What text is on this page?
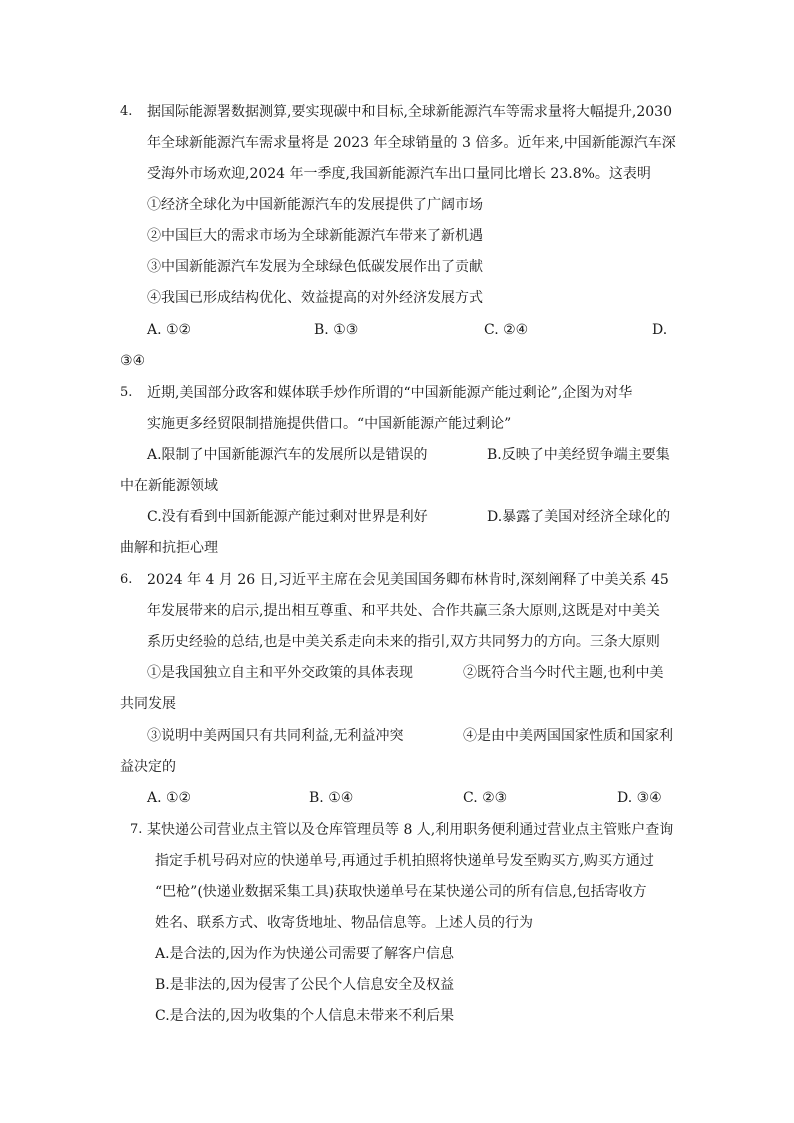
4. 据国际能源署数据测算,要实现碳中和目标,全球新能源汽车等需求量将大幅提升,2030
年全球新能源汽车需求量将是 2023 年全球销量的 3 倍多。近年来,中国新能源汽车深
受海外市场欢迎,2024 年一季度,我国新能源汽车出口量同比增长 23.8%。这表明
①经济全球化为中国新能源汽车的发展提供了广阔市场
②中国巨大的需求市场为全球新能源汽车带来了新机遇
③中国新能源汽车发展为全球绿色低碳发展作出了贡献
④我国已形成结构优化、效益提高的对外经济发展方式
A. ①②	B. ①③	C. ②④	D.
③④
5. 近期,美国部分政客和媒体联手炒作所谓的“中国新能源产能过剩论”,企图为对华
实施更多经贸限制措施提供借口。“中国新能源产能过剩论”
A.限制了中国新能源汽车的发展所以是错误的	B.反映了中美经贸争端主要集
中在新能源领域
C.没有看到中国新能源产能过剩对世界是利好	D.暴露了美国对经济全球化的
曲解和抗拒心理
6. 2024 年 4 月 26 日,习近平主席在会见美国国务卿布林肯时,深刻阐释了中美关系 45
年发展带来的启示,提出相互尊重、和平共处、合作共赢三条大原则,这既是对中美关
系历史经验的总结,也是中美关系走向未来的指引,双方共同努力的方向。三条大原则
①是我国独立自主和平外交政策的具体表现	②既符合当今时代主题,也利中美
共同发展
③说明中美两国只有共同利益,无利益冲突	④是由中美两国国家性质和国家利
益决定的
A. ①②	B. ①④	C. ②③	D. ③④
7. 某快递公司营业点主管以及仓库管理员等 8 人,利用职务便利通过营业点主管账户查询
指定手机号码对应的快递单号,再通过手机拍照将快递单号发至购买方,购买方通过
“巴枪”(快递业数据采集工具)获取快递单号在某快递公司的所有信息,包括寄收方
姓名、联系方式、收寄货地址、物品信息等。上述人员的行为
A.是合法的,因为作为快递公司需要了解客户信息
B.是非法的,因为侵害了公民个人信息安全及权益
C.是合法的,因为收集的个人信息未带来不利后果
